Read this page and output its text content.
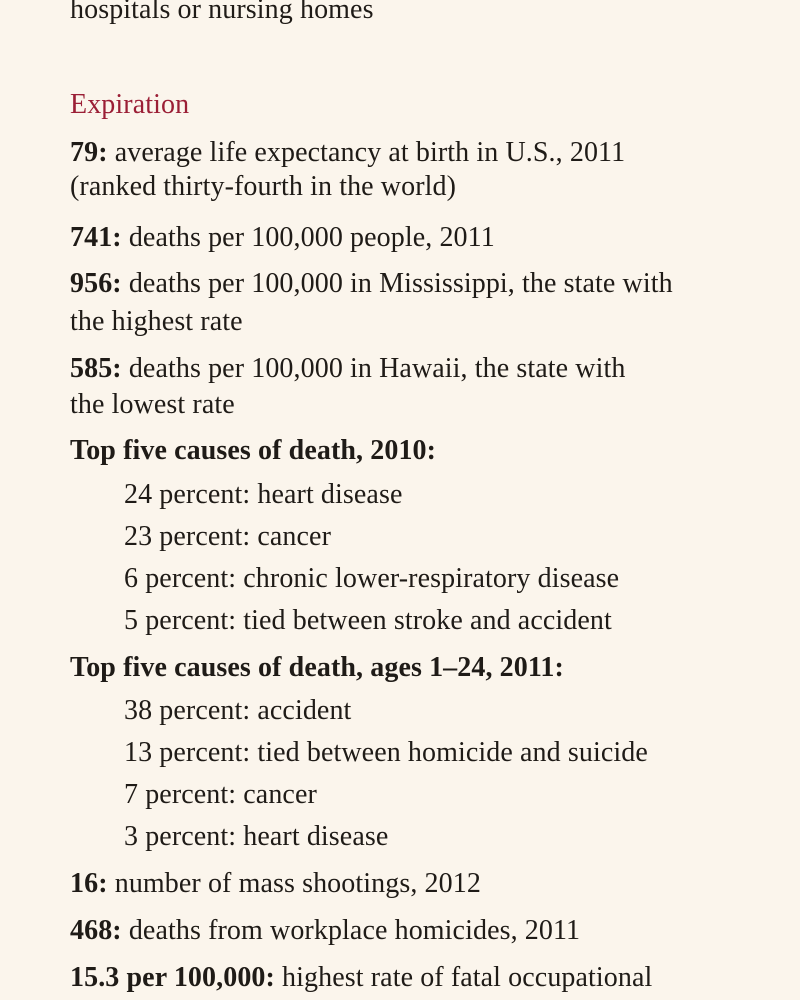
hospitals or nursing homes
Expiration
79: average life expectancy at birth in U.S., 2011
(ranked thirty-fourth in the world)
741: deaths per 100,000 people, 2011
956: deaths per 100,000 in Mississippi, the state with
the highest rate
585: deaths per 100,000 in Hawaii, the state with
the lowest rate
Top five causes of death, 2010:
24 percent: heart disease
23 percent: cancer
6 percent: chronic lower-respiratory disease
5 percent: tied between stroke and accident
Top five causes of death, ages 1–24, 2011:
38 percent: accident
13 percent: tied between homicide and suicide
7 percent: cancer
3 percent: heart disease
16: number of mass shootings, 2012
468: deaths from workplace homicides, 2011
15.3 per 100,000: highest rate of fatal occupational
